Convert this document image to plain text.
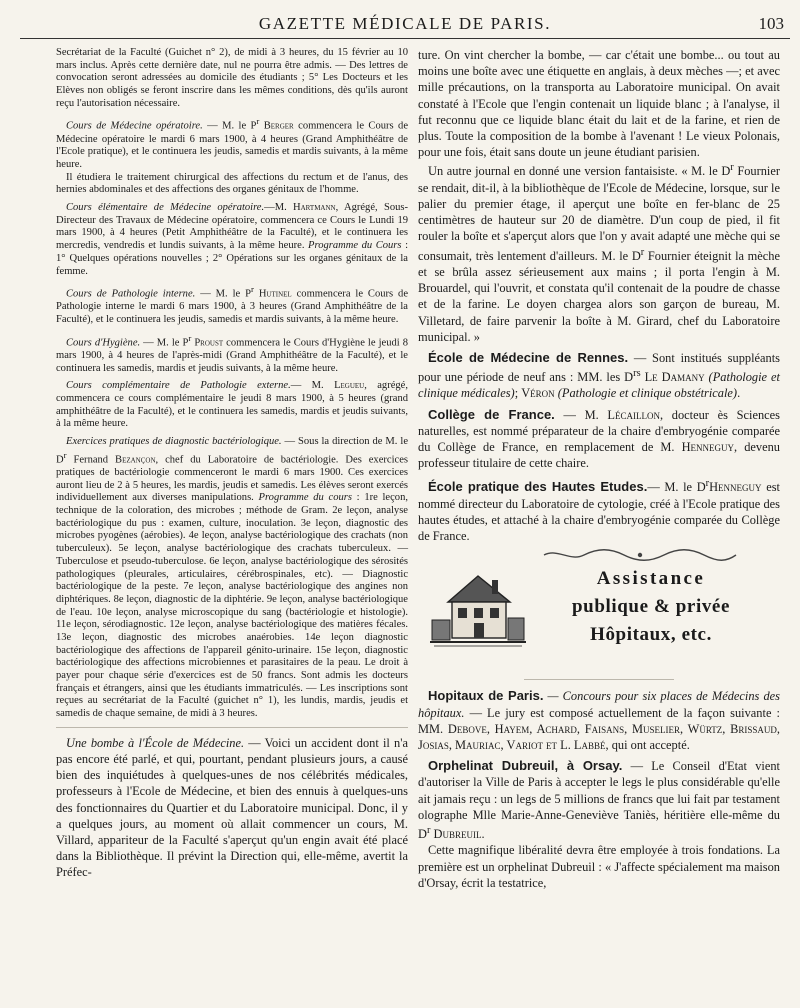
GAZETTE MÉDICALE DE PARIS.	103

Secrétariat de la Faculté (Guichet n° 2), de midi à 3 heures, du 15 février au 10 mars inclus. Après cette dernière date, nul ne pourra être admis. — Des lettres de convocation seront adressées au domicile des étudiants ; 5° Les Docteurs et les Elèves non obligés se feront inscrire dans les mêmes conditions, dès qu'ils auront reçu l'autorisation nécessaire.

Cours de Médecine opératoire. — M. le $P^r$ Berger commencera le Cours de Médecine opératoire le mardi 6 mars 1900, à 4 heures (Grand Amphithéâtre de l'Ecole pratique), et le continuera les jeudis, samedis et mardis suivants, à la même heure.

Il étudiera le traitement chirurgical des affections du rectum et de l'anus, des hernies abdominales et des affections des organes génitaux de l'homme.

Cours élémentaire de Médecine opératoire.—M. Hartmann, Agrégé, Sous-Directeur des Travaux de Médecine opératoire, commencera ce Cours le Lundi 19 mars 1900, à 4 heures (Petit Amphithéâtre de la Faculté), et le continuera les mercredis, vendredis et lundis suivants, à la même heure. Programme du Cours : 1° Quelques opérations nouvelles ; 2° Opérations sur les organes génitaux de la femme.

Cours de Pathologie interne. — M. le $P^r$ Hutinel commencera le Cours de Pathologie interne le mardi 6 mars 1900, à 3 heures (Grand Amphithéâtre de la Faculté), et le continuera les jeudis, samedis et mardis suivants, à la même heure.

Cours d'Hygiène. — M. le $P^r$ Proust commencera le Cours d'Hygiène le jeudi 8 mars 1900, à 4 heures de l'après-midi (Grand Amphithéâtre de la Faculté), et le continuera les samedis, mardis et jeudis suivants, à la même heure.

Cours complémentaire de Pathologie externe.— M. Legueu, agrégé, commencera ce cours complémentaire le jeudi 8 mars 1900, à 5 heures (grand amphithéâtre de la Faculté), et le continuera les samedis, mardis et jeudis suivants, à la même heure.

Exercices pratiques de diagnostic bactériologique. — Sous la direction de M. le $D^r$ Fernand Bezançon, chef du Laboratoire de bactériologie. Des exercices pratiques de bactériologie commenceront le mardi 6 mars 1900. Ces exercices auront lieu de 2 à 5 heures, les mardis, jeudis et samedis. Les élèves seront exercés individuellement aux diverses manipulations. Programme du cours : 1re leçon, technique de la coloration, des microbes ; méthode de Gram. 2e leçon, analyse bactériologique du pus : examen, culture, inoculation. 3e leçon, diagnostic des microbes pyogènes (aérobies). 4e leçon, analyse bactériologique des crachats (non tuberculeux). 5e leçon, analyse bactériologique des crachats tuberculeux. — Tuberculose et pseudo-tuberculose. 6e leçon, analyse bactériologique des sérosités pathologiques (pleurales, articulaires, cérébrospinales, etc). — Diagnostic bactériologique de la peste. 7e leçon, analyse bactériologique des angines non diphtériques. 8e leçon, diagnostic de la diphtérie. 9e leçon, analyse bactériologique de l'eau. 10e leçon, analyse microscopique du sang (bactériologie et histologie). 11e leçon, sérodiagnostic. 12e leçon, analyse bactériologique des matières fécales. 13e leçon, diagnostic des microbes anaérobies. 14e leçon diagnostic bactériologique des affections de l'appareil génito-urinaire. 15e leçon, diagnostic bactériologique des affections microbiennes et parasitaires de la peau. Le droit à payer pour chaque série d'exercices est de 50 francs. Sont admis les docteurs français et étrangers, ainsi que les étudiants immatriculés. — Les inscriptions sont reçues au secrétariat de la Faculté (guichet n° 1), les lundis, mardis, jeudis et samedis de chaque semaine, de midi à 3 heures.

Une bombe à l'École de Médecine. — Voici un accident dont il n'a pas encore été parlé, et qui, pourtant, pendant plusieurs jours, a causé bien des inquiétudes à quelques-unes de nos célébrités médicales, professeurs à l'Ecole de Médecine, et bien des ennuis à quelques-uns des fonctionnaires du Quartier et du Laboratoire municipal. Donc, il y a quelques jours, au moment où allait commencer un cours, M. Villard, appariteur de la Faculté s'aperçut qu'un engin avait été placé dans la Bibliothèque. Il prévint la Direction qui, elle-même, avertit la Préfec-

ture. On vint chercher la bombe, — car c'était une bombe... ou tout au moins une boîte avec une étiquette en anglais, à deux mèches —; et avec mille précautions, on la transporta au Laboratoire municipal. On avait constaté à l'Ecole que l'engin contenait un liquide blanc ; à l'analyse, il fut reconnu que ce liquide blanc était du lait et de la farine, et rien de plus. Toute la composition de la bombe à l'avenant ! Le vieux Polonais, pour une fois, était sans doute un jeune étudiant parisien.

Un autre journal en donné une version fantaisiste. « M. le $D^r$ Fournier se rendait, dit-il, à la bibliothèque de l'Ecole de Médecine, lorsque, sur le palier du premier étage, il aperçut une boîte en fer-blanc de 25 centimètres de hauteur sur 20 de diamètre. D'un coup de pied, il fit rouler la boîte et s'aperçut alors que l'on y avait adapté une mèche qui se consumait, très lentement d'ailleurs. M. le $D^r$ Fournier éteignit la mèche et se brûla assez sérieusement aux mains ; il porta l'engin à M. Brouardel, qui l'ouvrit, et constata qu'il contenait de la poudre de chasse et de la farine. Le doyen chargea alors son garçon de bureau, M. Villetard, de faire parvenir la boîte à M. Girard, chef du Laboratoire municipal. »

École de Médecine de Rennes. — Sont institués suppléants pour une période de neuf ans : MM. les $D^{rs}$ Le Damany (Pathologie et clinique médicales); Véron (Pathologie et clinique obstétricale).

Collège de France. — M. Lécaillon, docteur ès Sciences naturelles, est nommé préparateur de la chaire d'embryogénie comparée du Collège de France, en remplacement de M. Henneguy, devenu professeur titulaire de cette chaire.

École pratique des Hautes Etudes.— M. le $D^rHenneguy$ est nommé directeur du Laboratoire de cytologie, créé à l'Ecole pratique des hautes études, et attaché à la chaire d'embryogénie comparée du Collège de France.

Assistance
publique & privée
Hôpitaux, etc.

Hopitaux de Paris. — Concours pour six places de Médecins des hôpitaux. — Le jury est composé actuellement de la façon suivante : MM. Debove, Hayem, Achard, Faisans, Muselier, Würtz, Brissaud, Josias, Mauriac, Variot et L. Labbé, qui ont accepté.

Orphelinat Dubreuil, à Orsay. — Le Conseil d'Etat vient d'autoriser la Ville de Paris à accepter le legs le plus considérable qu'elle ait jamais reçu : un legs de 5 millions de francs que lui fait par testament olographe Mlle Marie-Anne-Geneviève Taniès, héritière elle-même du $D^r$ Dubreuil.

Cette magnifique libéralité devra être employée à trois fondations. La première est un orphelinat Dubreuil : « J'affecte spécialement ma maison d'Orsay, écrit la testatrice,
